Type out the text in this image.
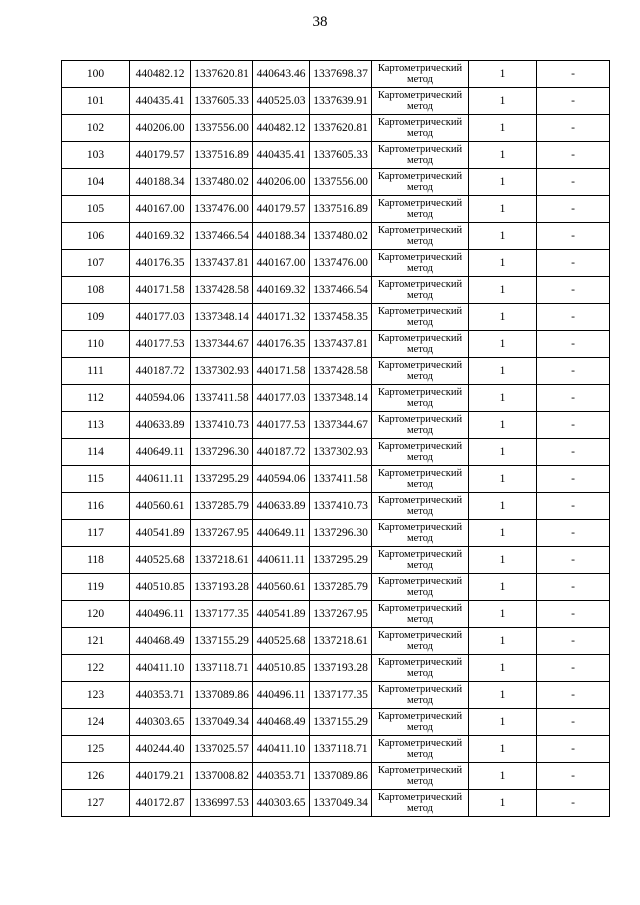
38
100	440482.12	1337620.81	440643.46	1337698.37	Картометрический
метод	1	-
101	440435.41	1337605.33	440525.03	1337639.91	Картометрический
метод	1	-
102	440206.00	1337556.00	440482.12	1337620.81	Картометрический
метод	1	-
103	440179.57	1337516.89	440435.41	1337605.33	Картометрический
метод	1	-
104	440188.34	1337480.02	440206.00	1337556.00	Картометрический
метод	1	-
105	440167.00	1337476.00	440179.57	1337516.89	Картометрический
метод	1	-
106	440169.32	1337466.54	440188.34	1337480.02	Картометрический
метод	1	-
107	440176.35	1337437.81	440167.00	1337476.00	Картометрический
метод	1	-
108	440171.58	1337428.58	440169.32	1337466.54	Картометрический
метод	1	-
109	440177.03	1337348.14	440171.32	1337458.35	Картометрический
метод	1	-
110	440177.53	1337344.67	440176.35	1337437.81	Картометрический
метод	1	-
111	440187.72	1337302.93	440171.58	1337428.58	Картометрический
метод	1	-
112	440594.06	1337411.58	440177.03	1337348.14	Картометрический
метод	1	-
113	440633.89	1337410.73	440177.53	1337344.67	Картометрический
метод	1	-
114	440649.11	1337296.30	440187.72	1337302.93	Картометрический
метод	1	-
115	440611.11	1337295.29	440594.06	1337411.58	Картометрический
метод	1	-
116	440560.61	1337285.79	440633.89	1337410.73	Картометрический
метод	1	-
117	440541.89	1337267.95	440649.11	1337296.30	Картометрический
метод	1	-
118	440525.68	1337218.61	440611.11	1337295.29	Картометрический
метод	1	-
119	440510.85	1337193.28	440560.61	1337285.79	Картометрический
метод	1	-
120	440496.11	1337177.35	440541.89	1337267.95	Картометрический
метод	1	-
121	440468.49	1337155.29	440525.68	1337218.61	Картометрический
метод	1	-
122	440411.10	1337118.71	440510.85	1337193.28	Картометрический
метод	1	-
123	440353.71	1337089.86	440496.11	1337177.35	Картометрический
метод	1	-
124	440303.65	1337049.34	440468.49	1337155.29	Картометрический
метод	1	-
125	440244.40	1337025.57	440411.10	1337118.71	Картометрический
метод	1	-
126	440179.21	1337008.82	440353.71	1337089.86	Картометрический
метод	1	-
127	440172.87	1336997.53	440303.65	1337049.34	Картометрический
метод	1	-
